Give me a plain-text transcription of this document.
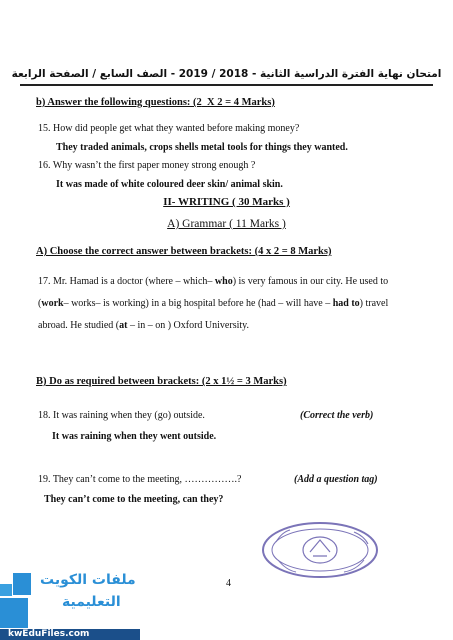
امتحان نهاية الفترة الدراسية الثانية - 2018 / 2019 - الصف السابع / الصفحة الرابعة
b) Answer the following questions: (2 X 2 = 4 Marks)
15. How did people get what they wanted before making money?
They traded animals, crops shells metal tools for things they wanted.
16. Why wasn’t the first paper money strong enough ?
It was made of white coloured deer skin/ animal skin.
II- WRITING ( 30 Marks )
A) Grammar ( 11 Marks )
A) Choose the correct answer between brackets: (4 x 2 = 8 Marks)
17. Mr. Hamad is a doctor (where – which– who) is very famous in our city. He used to (work– works– is working) in a big hospital before he (had – will have – had to) travel abroad. He studied (at – in – on ) Oxford University.
B) Do as required between brackets: (2 x 1½ = 3 Marks)
18. It was raining when they (go) outside.	(Correct the verb)
It was raining when they went outside.
19. They can’t come to the meeting, …………….?	(Add a question tag)
They can’t come to the meeting, can they?
4
ملفات الكويت
التعليمية
kwEduFiles.com
